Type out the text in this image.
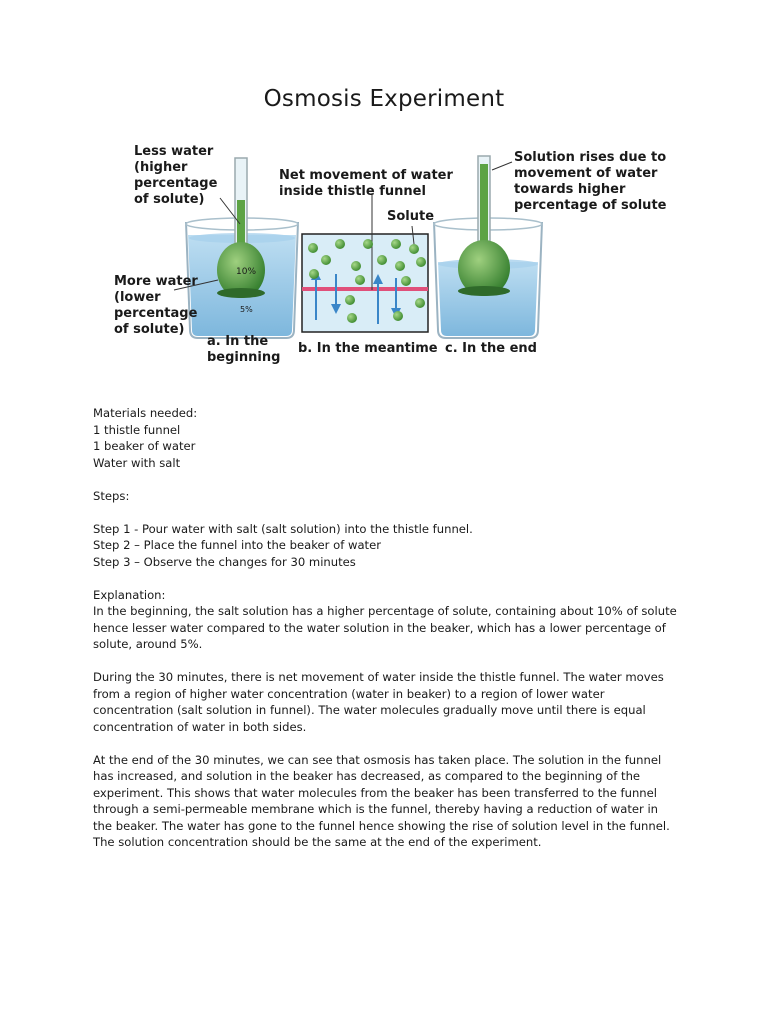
Osmosis Experiment
10%
5%
Less water
(higher
percentage
of solute)
More water
(lower
percentage
of solute)
Net movement of water
inside thistle funnel
Solute
Solution rises due to
movement of water
towards higher
percentage of solute
a. In the
beginning
b. In the meantime c. In the end
Materials needed:
1 thistle funnel
1 beaker of water
Water with salt
Steps:
Step 1 - Pour water with salt (salt solution) into the thistle funnel.
Step 2 – Place the funnel into the beaker of water
Step 3 – Observe the changes for 30 minutes
Explanation:
In the beginning, the salt solution has a higher percentage of solute, containing about 10% of solute
hence lesser water compared to the water solution in the beaker, which has a lower percentage of
solute, around 5%.
During the 30 minutes, there is net movement of water inside the thistle funnel. The water moves
from a region of higher water concentration (water in beaker) to a region of lower water
concentration (salt solution in funnel). The water molecules gradually move until there is equal
concentration of water in both sides.
At the end of the 30 minutes, we can see that osmosis has taken place. The solution in the funnel
has increased, and solution in the beaker has decreased, as compared to the beginning of the
experiment. This shows that water molecules from the beaker has been transferred to the funnel
through a semi-permeable membrane which is the funnel, thereby having a reduction of water in
the beaker. The water has gone to the funnel hence showing the rise of solution level in the funnel.
The solution concentration should be the same at the end of the experiment.
